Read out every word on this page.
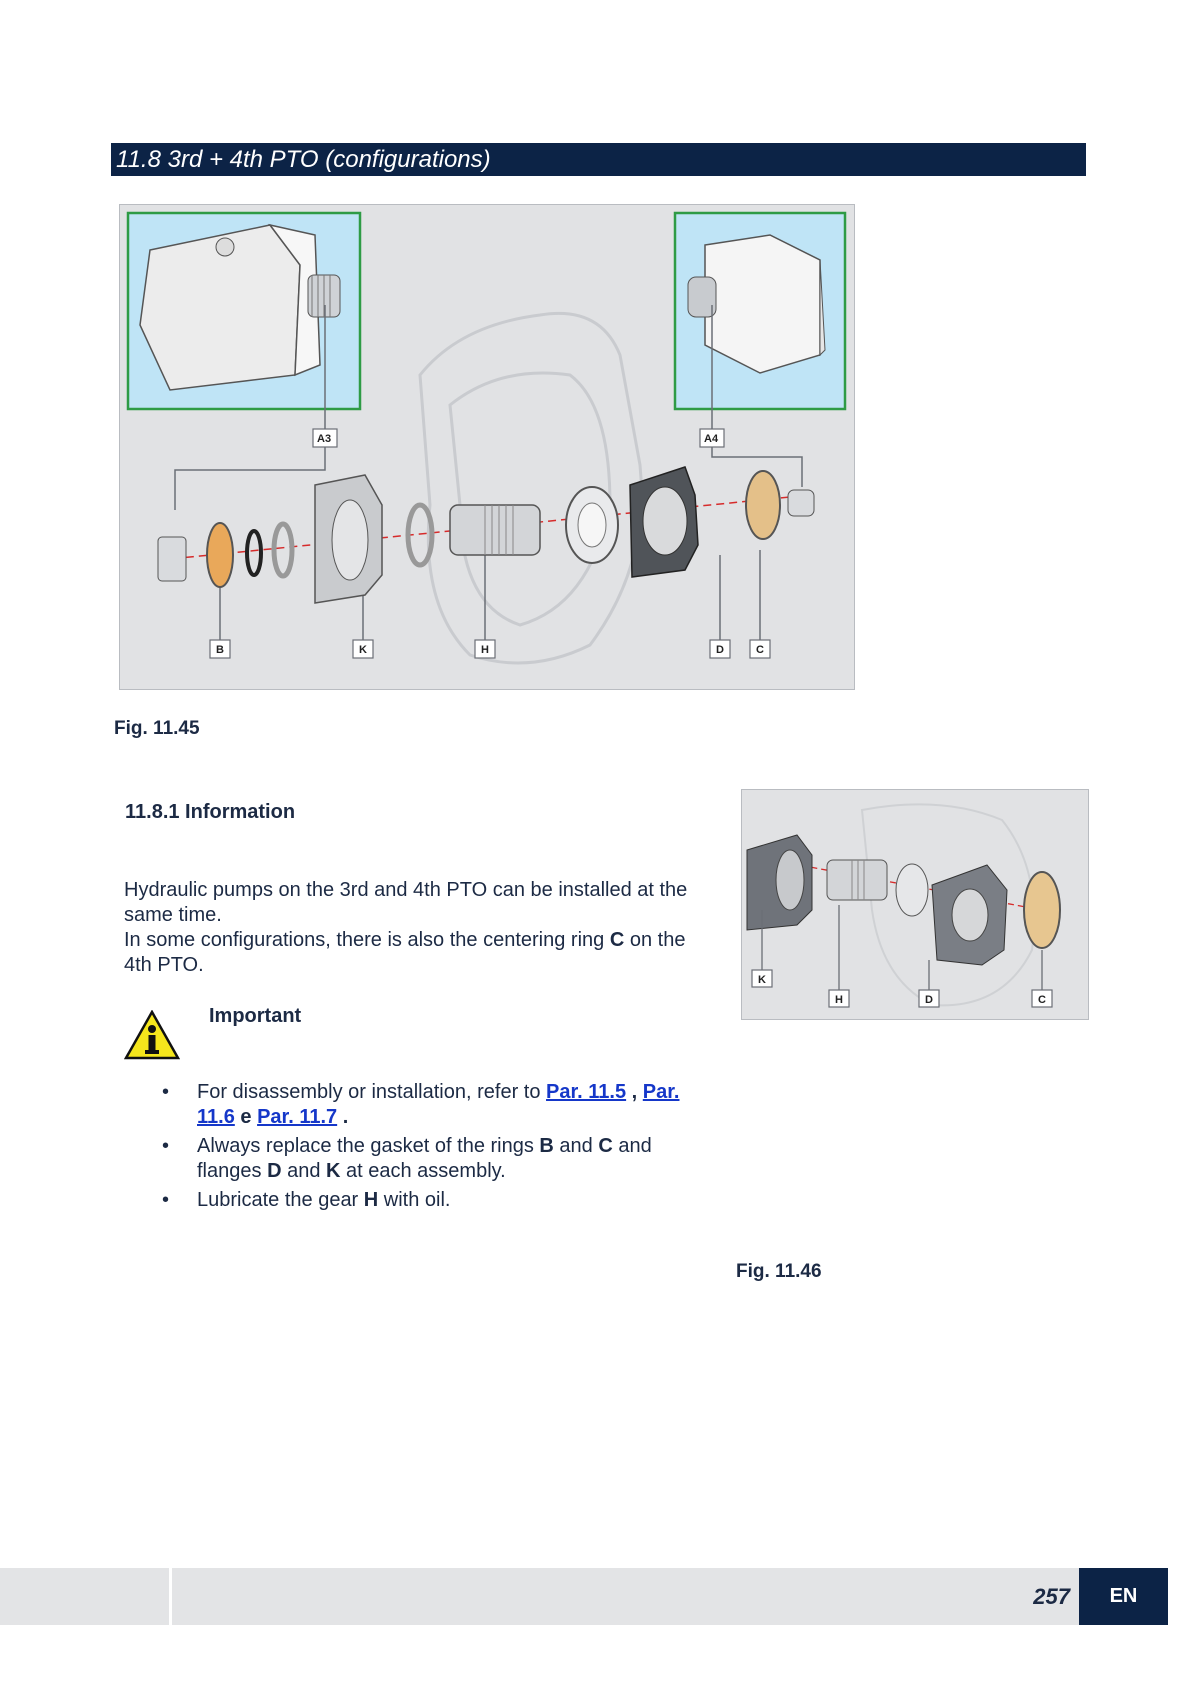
11.8 3rd + 4th PTO (configurations)
A3	A4
B	K	H	D	C
Fig. 11.45
K
H	D	C
Fig. 11.46
11.8.1 Information
Hydraulic pumps on the 3rd and 4th PTO can be installed at the same time.
In some configurations, there is also the centering ring C on the 4th PTO.
Important
• For disassembly or installation, refer to Par. 11.5 , Par. 11.6 e Par. 11.7 .
• Always replace the gasket of the rings B and C and flanges D and K at each assembly.
• Lubricate the gear H with oil.
257	EN
